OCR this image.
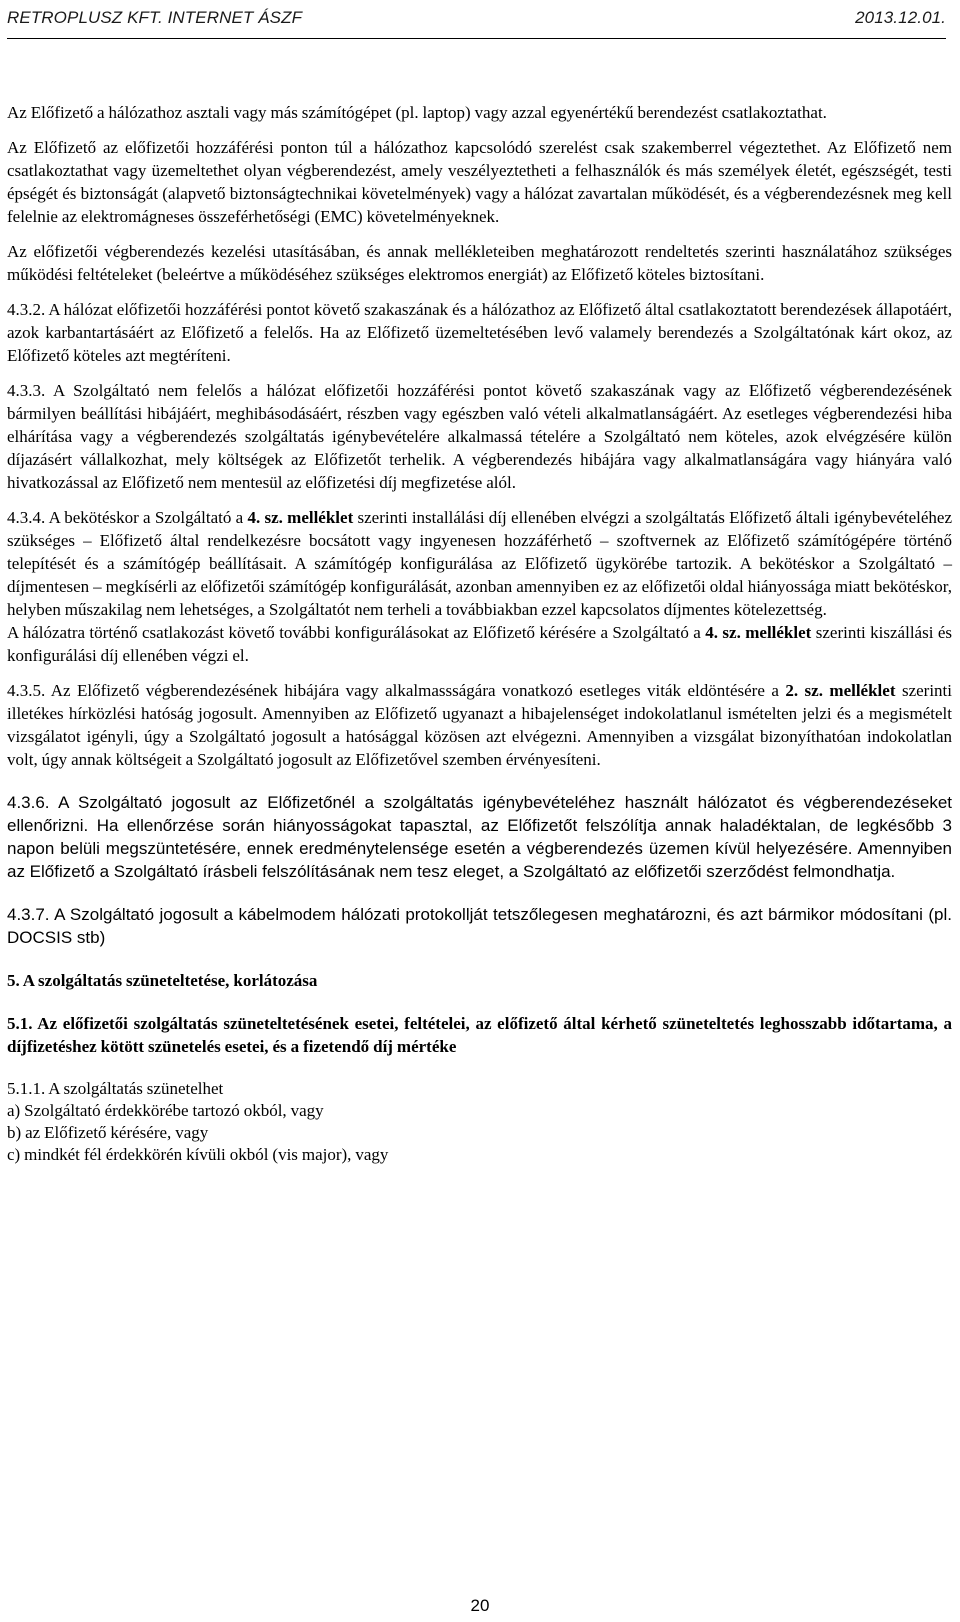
RETROPLUSZ KFT. INTERNET ÁSZF	2013.12.01.

Az Előfizető a hálózathoz asztali vagy más számítógépet (pl. laptop) vagy azzal egyenértékű berendezést csatlakoztathat.

Az Előfizető az előfizetői hozzáférési ponton túl a hálózathoz kapcsolódó szerelést csak szakemberrel végeztethet. Az Előfizető nem csatlakoztathat vagy üzemeltethet olyan végberendezést, amely veszélyeztetheti a felhasználók és más személyek életét, egészségét, testi épségét és biztonságát (alapvető biztonságtechnikai követelmények) vagy a hálózat zavartalan működését, és a végberendezésnek meg kell felelnie az elektromágneses összeférhetőségi (EMC) követelményeknek.

Az előfizetői végberendezés kezelési utasításában, és annak mellékleteiben meghatározott rendeltetés szerinti használatához szükséges működési feltételeket (beleértve a működéséhez szükséges elektromos energiát) az Előfizető köteles biztosítani.

4.3.2. A hálózat előfizetői hozzáférési pontot követő szakaszának és a hálózathoz az Előfizető által csatlakoztatott berendezések állapotáért, azok karbantartásáért az Előfizető a felelős. Ha az Előfizető üzemeltetésében levő valamely berendezés a Szolgáltatónak kárt okoz, az Előfizető köteles azt megtéríteni.

4.3.3. A Szolgáltató nem felelős a hálózat előfizetői hozzáférési pontot követő szakaszának vagy az Előfizető végberendezésének bármilyen beállítási hibájáért, meghibásodásáért, részben vagy egészben való vételi alkalmatlanságáért. Az esetleges végberendezési hiba elhárítása vagy a végberendezés szolgáltatás igénybevételére alkalmassá tételére a Szolgáltató nem köteles, azok elvégzésére külön díjazásért vállalkozhat, mely költségek az Előfizetőt terhelik. A végberendezés hibájára vagy alkalmatlanságára vagy hiányára való hivatkozással az Előfizető nem mentesül az előfizetési díj megfizetése alól.

4.3.4. A bekötéskor a Szolgáltató a 4. sz. melléklet szerinti installálási díj ellenében elvégzi a szolgáltatás Előfizető általi igénybevételéhez szükséges – Előfizető által rendelkezésre bocsátott vagy ingyenesen hozzáférhető – szoftvernek az Előfizető számítógépére történő telepítését és a számítógép beállításait. A számítógép konfigurálása az Előfizető ügykörébe tartozik. A bekötéskor a Szolgáltató – díjmentesen – megkísérli az előfizetői számítógép konfigurálását, azonban amennyiben ez az előfizetői oldal hiányossága miatt bekötéskor, helyben műszakilag nem lehetséges, a Szolgáltatót nem terheli a továbbiakban ezzel kapcsolatos díjmentes kötelezettség.

A hálózatra történő csatlakozást követő további konfigurálásokat az Előfizető kérésére a Szolgáltató a 4. sz. melléklet szerinti kiszállási és konfigurálási díj ellenében végzi el.

4.3.5. Az Előfizető végberendezésének hibájára vagy alkalmassságára vonatkozó esetleges viták eldöntésére a 2. sz. melléklet szerinti illetékes hírközlési hatóság jogosult. Amennyiben az Előfizető ugyanazt a hibajelenséget indokolatlanul ismételten jelzi és a megismételt vizsgálatot igényli, úgy a Szolgáltató jogosult a hatósággal közösen azt elvégezni. Amennyiben a vizsgálat bizonyíthatóan indokolatlan volt, úgy annak költségeit a Szolgáltató jogosult az Előfizetővel szemben érvényesíteni.

4.3.6. A Szolgáltató jogosult az Előfizetőnél a szolgáltatás igénybevételéhez használt hálózatot és végberendezéseket ellenőrizni. Ha ellenőrzése során hiányosságokat tapasztal, az Előfizetőt felszólítja annak haladéktalan, de legkésőbb 3 napon belüli megszüntetésére, ennek eredménytelensége esetén a végberendezés üzemen kívül helyezésére. Amennyiben az Előfizető a Szolgáltató írásbeli felszólításának nem tesz eleget, a Szolgáltató az előfizetői szerződést felmondhatja.

4.3.7. A Szolgáltató jogosult a kábelmodem hálózati protokollját tetszőlegesen meghatározni, és azt bármikor módosítani (pl. DOCSIS stb)

5. A szolgáltatás szüneteltetése, korlátozása

5.1. Az előfizetői szolgáltatás szüneteltetésének esetei, feltételei, az előfizető által kérhető szüneteltetés leghosszabb időtartama, a díjfizetéshez kötött szünetelés esetei, és a fizetendő díj mértéke

5.1.1. A szolgáltatás szünetelhet

a) Szolgáltató érdekkörébe tartozó okból, vagy

b) az Előfizető kérésére, vagy

c) mindkét fél érdekkörén kívüli okból (vis major), vagy

20
